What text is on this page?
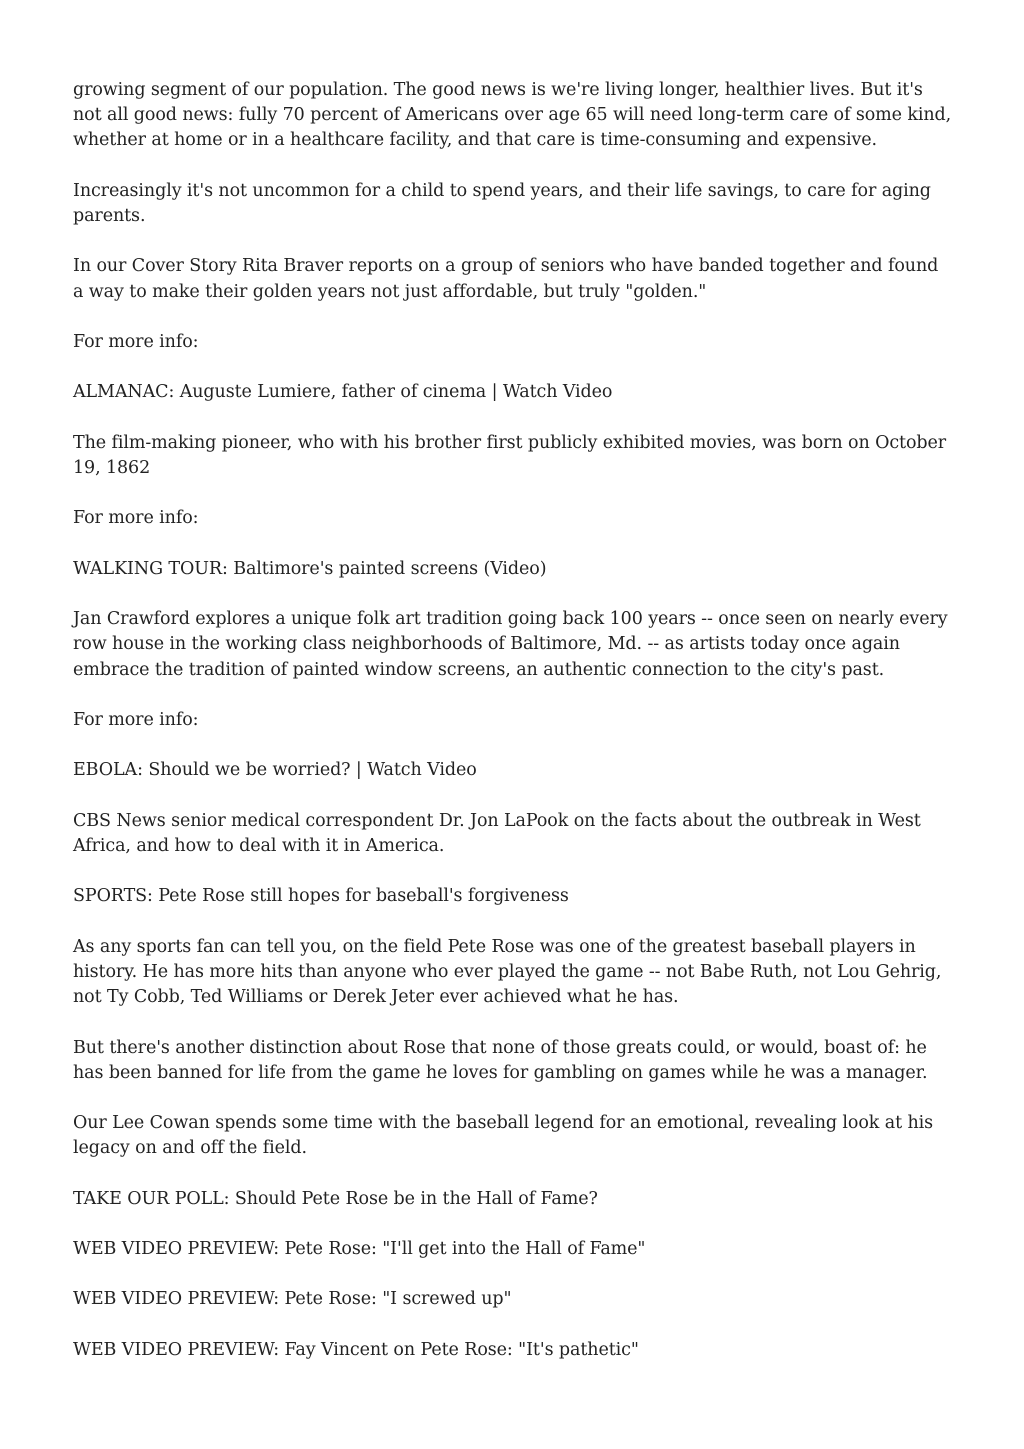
growing segment of our population. The good news is we're living longer, healthier lives. But it's not all good news: fully 70 percent of Americans over age 65 will need long-term care of some kind, whether at home or in a healthcare facility, and that care is time-consuming and expensive.

Increasingly it's not uncommon for a child to spend years, and their life savings, to care for aging parents.

In our Cover Story Rita Braver reports on a group of seniors who have banded together and found a way to make their golden years not just affordable, but truly "golden."

For more info:

ALMANAC: Auguste Lumiere, father of cinema | Watch Video

The film-making pioneer, who with his brother first publicly exhibited movies, was born on October 19, 1862

For more info:

WALKING TOUR: Baltimore's painted screens (Video)

Jan Crawford explores a unique folk art tradition going back 100 years -- once seen on nearly every row house in the working class neighborhoods of Baltimore, Md. -- as artists today once again embrace the tradition of painted window screens, an authentic connection to the city's past.

For more info:

EBOLA: Should we be worried? | Watch Video

CBS News senior medical correspondent Dr. Jon LaPook on the facts about the outbreak in West Africa, and how to deal with it in America.

SPORTS: Pete Rose still hopes for baseball's forgiveness

As any sports fan can tell you, on the field Pete Rose was one of the greatest baseball players in history. He has more hits than anyone who ever played the game -- not Babe Ruth, not Lou Gehrig, not Ty Cobb, Ted Williams or Derek Jeter ever achieved what he has.

But there's another distinction about Rose that none of those greats could, or would, boast of: he has been banned for life from the game he loves for gambling on games while he was a manager.

Our Lee Cowan spends some time with the baseball legend for an emotional, revealing look at his legacy on and off the field.

TAKE OUR POLL: Should Pete Rose be in the Hall of Fame?

WEB VIDEO PREVIEW: Pete Rose: "I'll get into the Hall of Fame"

WEB VIDEO PREVIEW: Pete Rose: "I screwed up"

WEB VIDEO PREVIEW: Fay Vincent on Pete Rose: "It's pathetic"
